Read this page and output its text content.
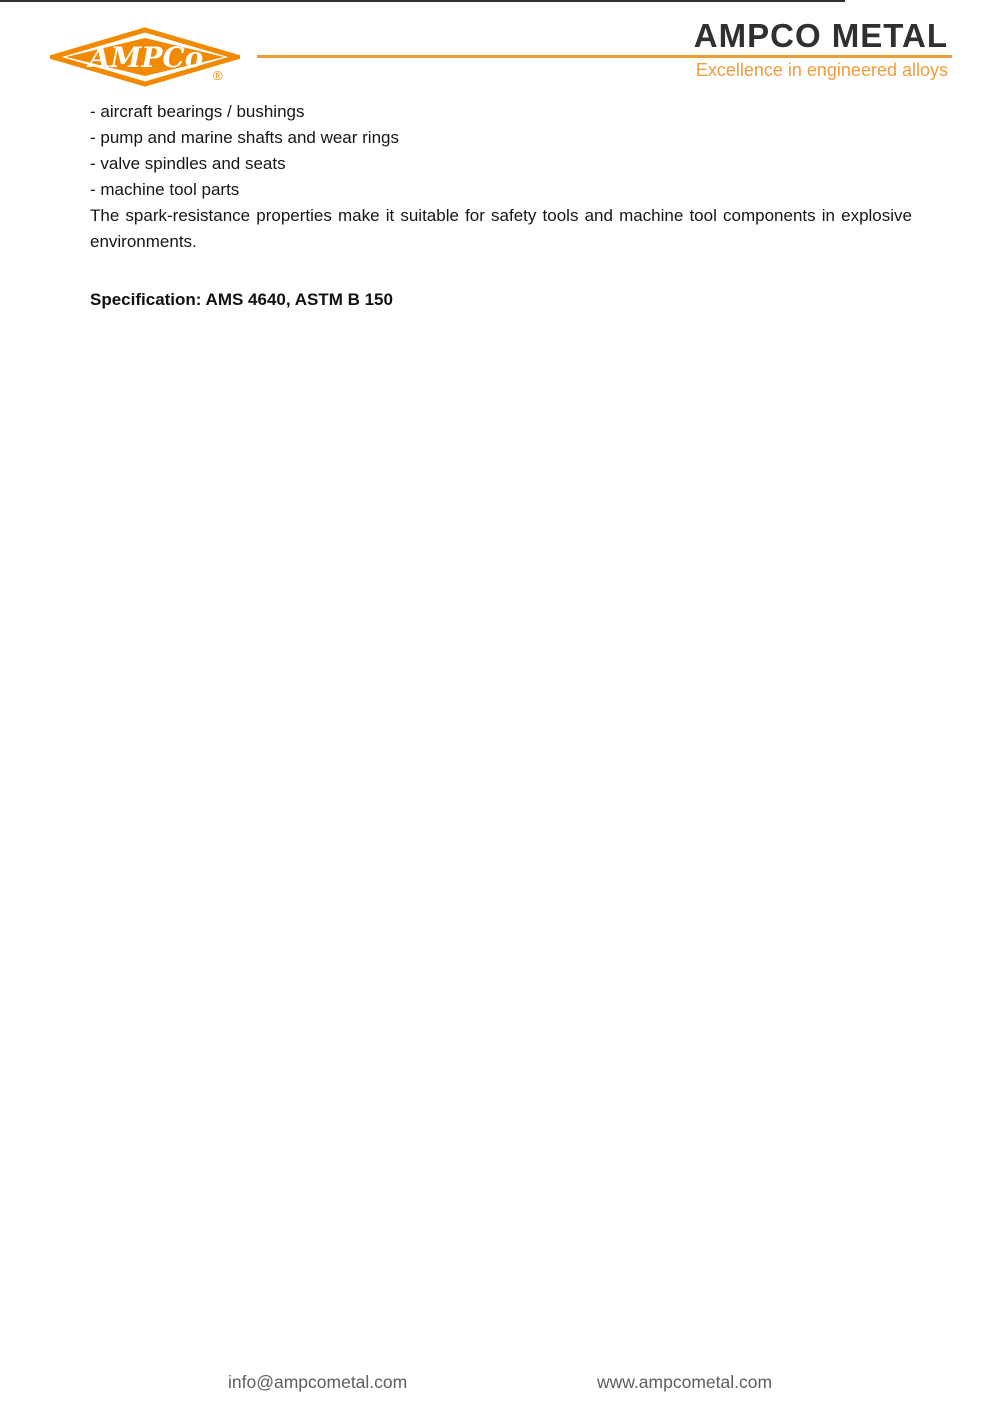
AMPCo
®
AMPCO METAL
Excellence in engineered alloys
- aircraft bearings / bushings
- pump and marine shafts and wear rings
- valve spindles and seats
- machine tool parts
The spark-resistance properties make it suitable for safety tools and machine tool components in explosive
environments.
Specification: AMS 4640, ASTM B 150
info@ampcometal.com	www.ampcometal.com
